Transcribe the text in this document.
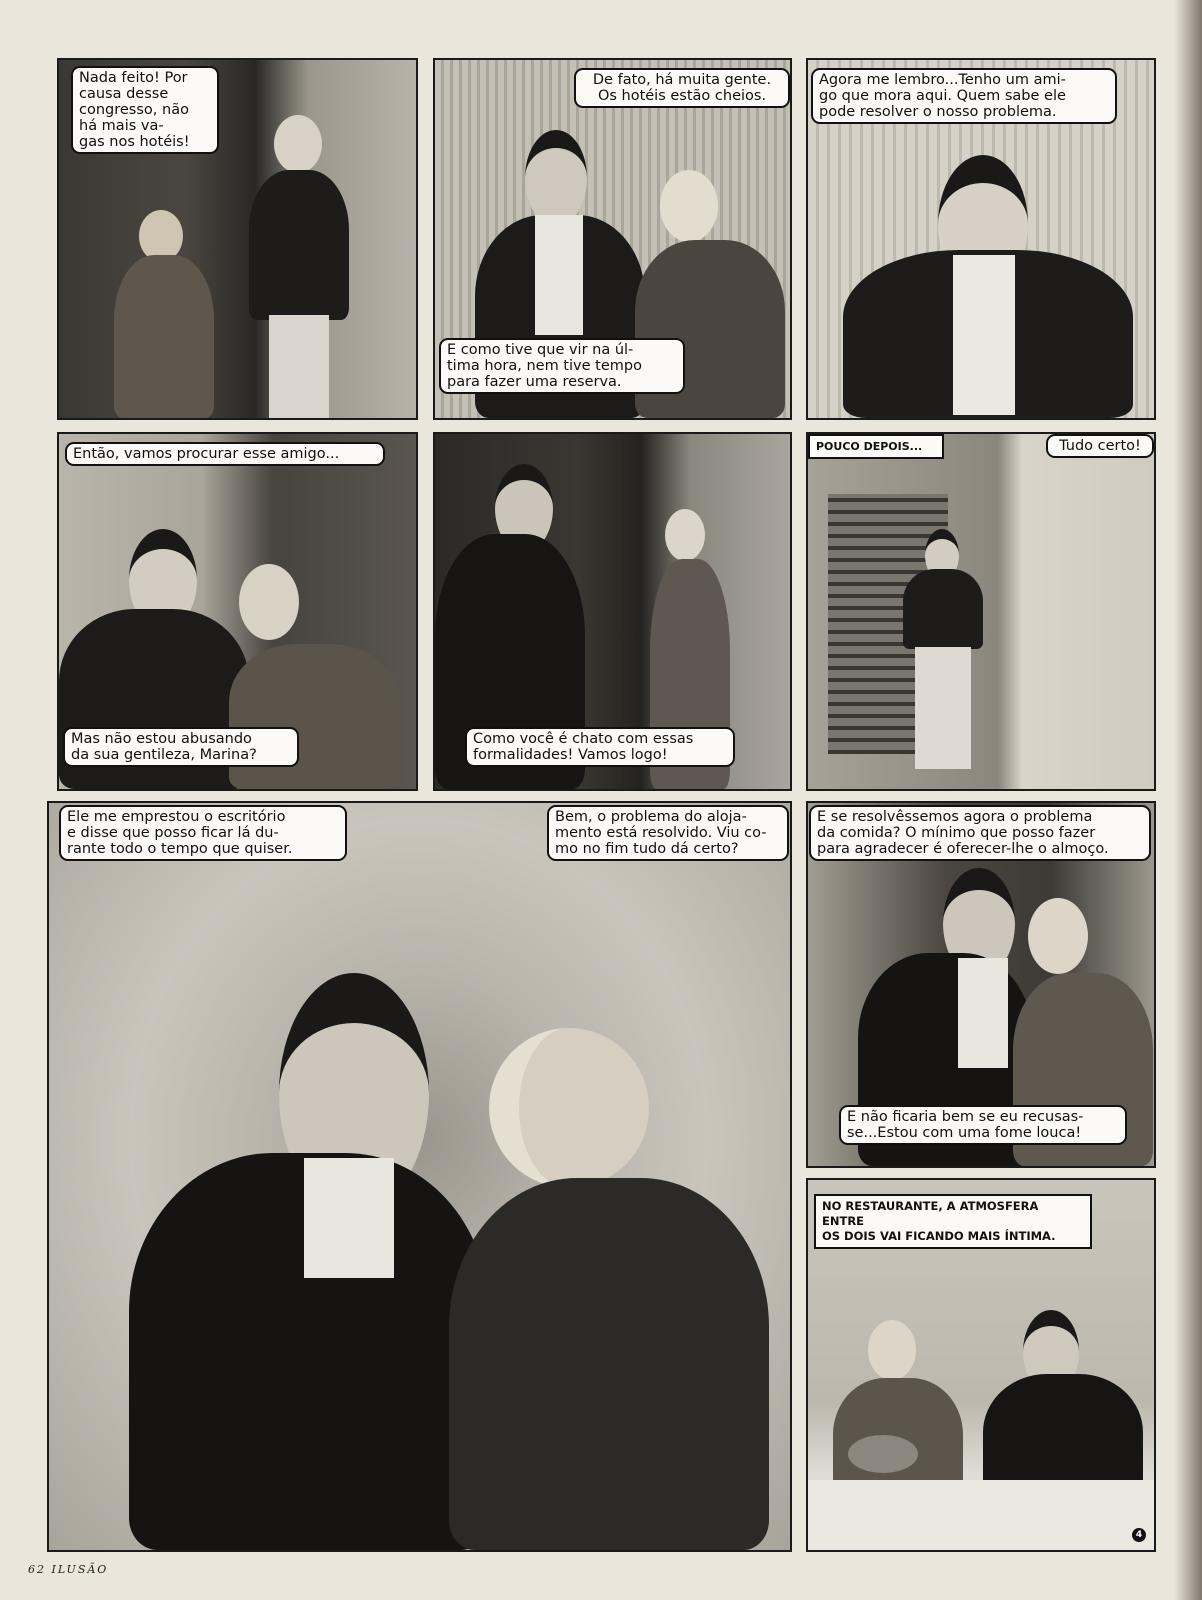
Nada feito! Por
causa desse
congresso, não
há mais va-
gas nos hotéis!
De fato, há muita gente.
Os hotéis estão cheios.
E como tive que vir na úl-
tima hora, nem tive tempo
para fazer uma reserva.
Agora me lembro...Tenho um ami-
go que mora aqui. Quem sabe ele
pode resolver o nosso problema.
Então, vamos procurar esse amigo...
Mas não estou abusando
da sua gentileza, Marina?
Como você é chato com essas
formalidades! Vamos logo!
POUCO DEPOIS...	Tudo certo!
Ele me emprestou o escritório
e disse que posso ficar lá du-
rante todo o tempo que quiser.
Bem, o problema do aloja-
mento está resolvido. Viu co-
mo no fim tudo dá certo?
E se resolvêssemos agora o problema
da comida? O mínimo que posso fazer
para agradecer é oferecer-lhe o almoço.
E não ficaria bem se eu recusas-
se...Estou com uma fome louca!
NO RESTAURANTE, A ATMOSFERA ENTRE
OS DOIS VAI FICANDO MAIS ÍNTIMA.
4
62 ILUSÃO
